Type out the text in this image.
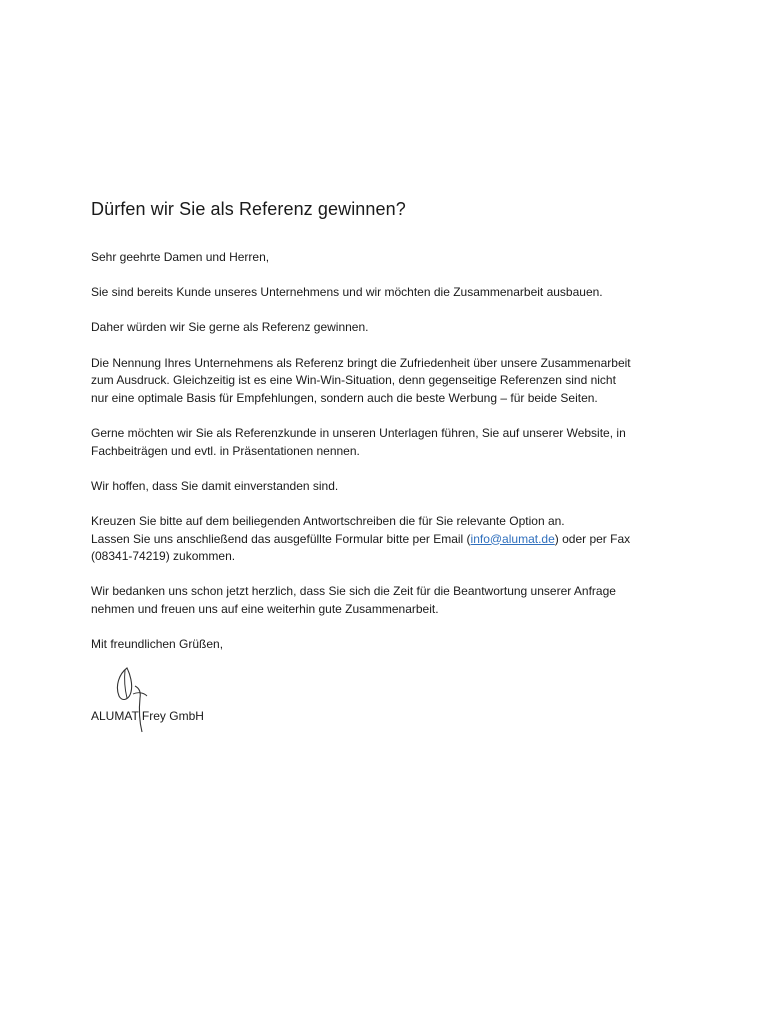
Dürfen wir Sie als Referenz gewinnen?

Sehr geehrte Damen und Herren,

Sie sind bereits Kunde unseres Unternehmens und wir möchten die Zusammenarbeit ausbauen.

Daher würden wir Sie gerne als Referenz gewinnen.

Die Nennung Ihres Unternehmens als Referenz bringt die Zufriedenheit über unsere Zusammenarbeit
zum Ausdruck. Gleichzeitig ist es eine Win-Win-Situation, denn gegenseitige Referenzen sind nicht
nur eine optimale Basis für Empfehlungen, sondern auch die beste Werbung – für beide Seiten.

Gerne möchten wir Sie als Referenzkunde in unseren Unterlagen führen, Sie auf unserer Website, in
Fachbeiträgen und evtl. in Präsentationen nennen.

Wir hoffen, dass Sie damit einverstanden sind.

Kreuzen Sie bitte auf dem beiliegenden Antwortschreiben die für Sie relevante Option an.
Lassen Sie uns anschließend das ausgefüllte Formular bitte per Email (info@alumat.de) oder per Fax
(08341-74219) zukommen.

Wir bedanken uns schon jetzt herzlich, dass Sie sich die Zeit für die Beantwortung unserer Anfrage
nehmen und freuen uns auf eine weiterhin gute Zusammenarbeit.

Mit freundlichen Grüßen,

ALUMAT Frey GmbH
